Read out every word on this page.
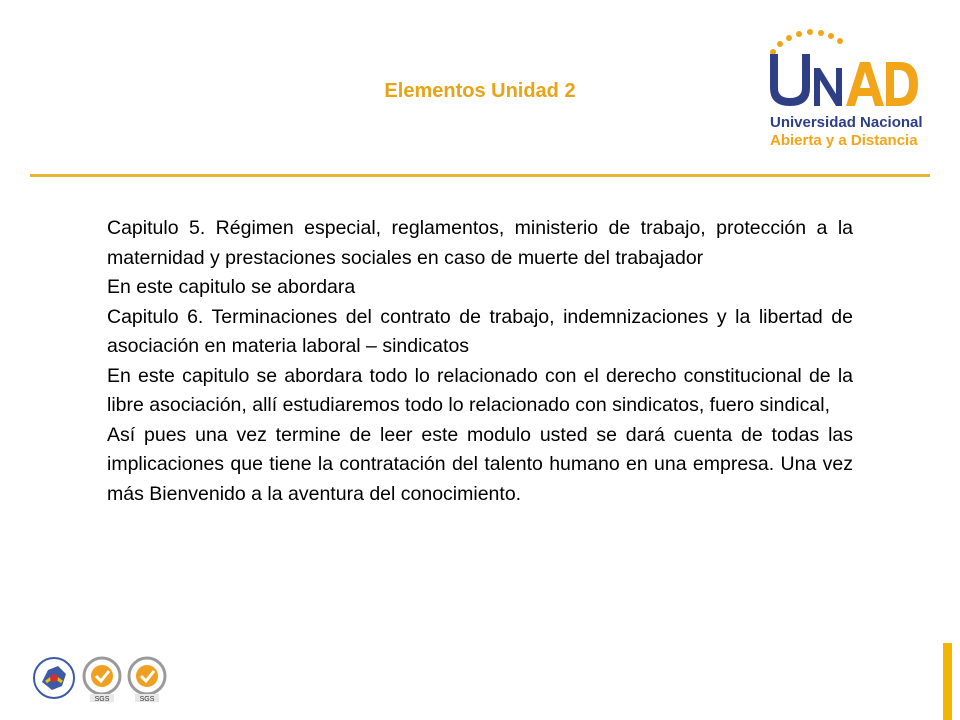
Elementos Unidad 2
Universidad Nacional
Abierta y a Distancia

Capitulo 5. Régimen especial, reglamentos, ministerio de trabajo, protección a la maternidad y prestaciones sociales en caso de muerte del trabajador

En este capitulo se abordara

Capitulo 6. Terminaciones del contrato de trabajo, indemnizaciones y la libertad de asociación en materia laboral – sindicatos

En este capitulo se abordara todo lo relacionado con el derecho constitucional de la libre asociación, allí estudiaremos todo lo relacionado con sindicatos, fuero sindical,

Así pues una vez termine de leer este modulo usted se dará cuenta de todas las implicaciones que tiene la contratación del talento humano en una empresa. Una vez más Bienvenido a la aventura del conocimiento.

SGS	SGS
